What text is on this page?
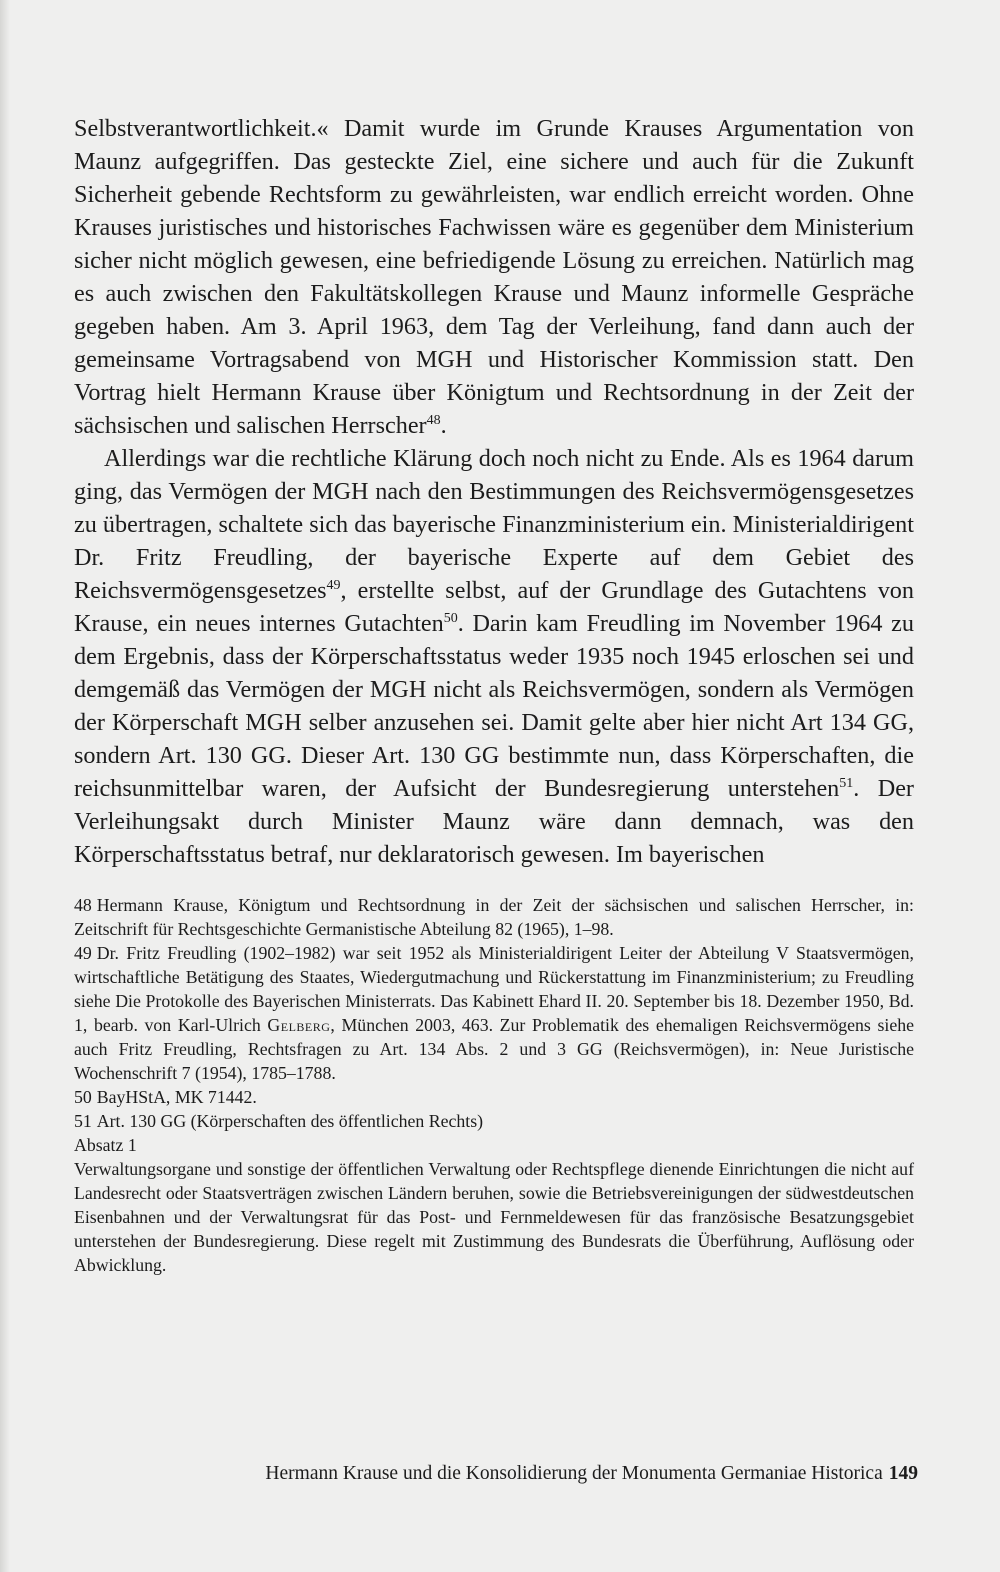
Selbstverantwortlichkeit.« Damit wurde im Grunde Krauses Argumentation von Maunz aufgegriffen. Das gesteckte Ziel, eine sichere und auch für die Zukunft Sicherheit gebende Rechtsform zu gewährleisten, war endlich erreicht worden. Ohne Krauses juristisches und historisches Fachwissen wäre es gegenüber dem Ministerium sicher nicht möglich gewesen, eine befriedigende Lösung zu erreichen. Natürlich mag es auch zwischen den Fakultätskollegen Krause und Maunz informelle Gespräche gegeben haben. Am 3. April 1963, dem Tag der Verleihung, fand dann auch der gemeinsame Vortragsabend von MGH und Historischer Kommission statt. Den Vortrag hielt Hermann Krause über Königtum und Rechtsordnung in der Zeit der sächsischen und salischen Herrscher$^{48}$.

Allerdings war die rechtliche Klärung doch noch nicht zu Ende. Als es 1964 darum ging, das Vermögen der MGH nach den Bestimmungen des Reichsvermögensgesetzes zu übertragen, schaltete sich das bayerische Finanzministerium ein. Ministerialdirigent Dr. Fritz Freudling, der bayerische Experte auf dem Gebiet des Reichsvermögensgesetzes$^{49}$, erstellte selbst, auf der Grundlage des Gutachtens von Krause, ein neues internes Gutachten$^{50}$. Darin kam Freudling im November 1964 zu dem Ergebnis, dass der Körperschaftsstatus weder 1935 noch 1945 erloschen sei und demgemäß das Vermögen der MGH nicht als Reichsvermögen, sondern als Vermögen der Körperschaft MGH selber anzusehen sei. Damit gelte aber hier nicht Art 134 GG, sondern Art. 130 GG. Dieser Art. 130 GG bestimmte nun, dass Körperschaften, die reichsunmittelbar waren, der Aufsicht der Bundesregierung unterstehen$^{51}$. Der Verleihungsakt durch Minister Maunz wäre dann demnach, was den Körperschaftsstatus betraf, nur deklaratorisch gewesen. Im bayerischen

48 Hermann Krause, Königtum und Rechtsordnung in der Zeit der sächsischen und salischen Herrscher, in: Zeitschrift für Rechtsgeschichte Germanistische Abteilung 82 (1965), 1–98.

49 Dr. Fritz Freudling (1902–1982) war seit 1952 als Ministerialdirigent Leiter der Abteilung V Staatsvermögen, wirtschaftliche Betätigung des Staates, Wiedergutmachung und Rückerstattung im Finanzministerium; zu Freudling siehe Die Protokolle des Bayerischen Ministerrats. Das Kabinett Ehard II. 20. September bis 18. Dezember 1950, Bd. 1, bearb. von Karl-Ulrich Gelberg, München 2003, 463. Zur Problematik des ehemaligen Reichsvermögens siehe auch Fritz Freudling, Rechtsfragen zu Art. 134 Abs. 2 und 3 GG (Reichsvermögen), in: Neue Juristische Wochenschrift 7 (1954), 1785–1788.

50 BayHStA, MK 71442.

51 Art. 130 GG (Körperschaften des öffentlichen Rechts)

Absatz 1

Verwaltungsorgane und sonstige der öffentlichen Verwaltung oder Rechtspflege dienende Einrichtungen die nicht auf Landesrecht oder Staatsverträgen zwischen Ländern beruhen, sowie die Betriebsvereinigungen der südwestdeutschen Eisenbahnen und der Verwaltungsrat für das Post- und Fernmeldewesen für das französische Besatzungsgebiet unterstehen der Bundesregierung. Diese regelt mit Zustimmung des Bundesrats die Überführung, Auflösung oder Abwicklung.

Hermann Krause und die Konsolidierung der Monumenta Germaniae Historica 149
